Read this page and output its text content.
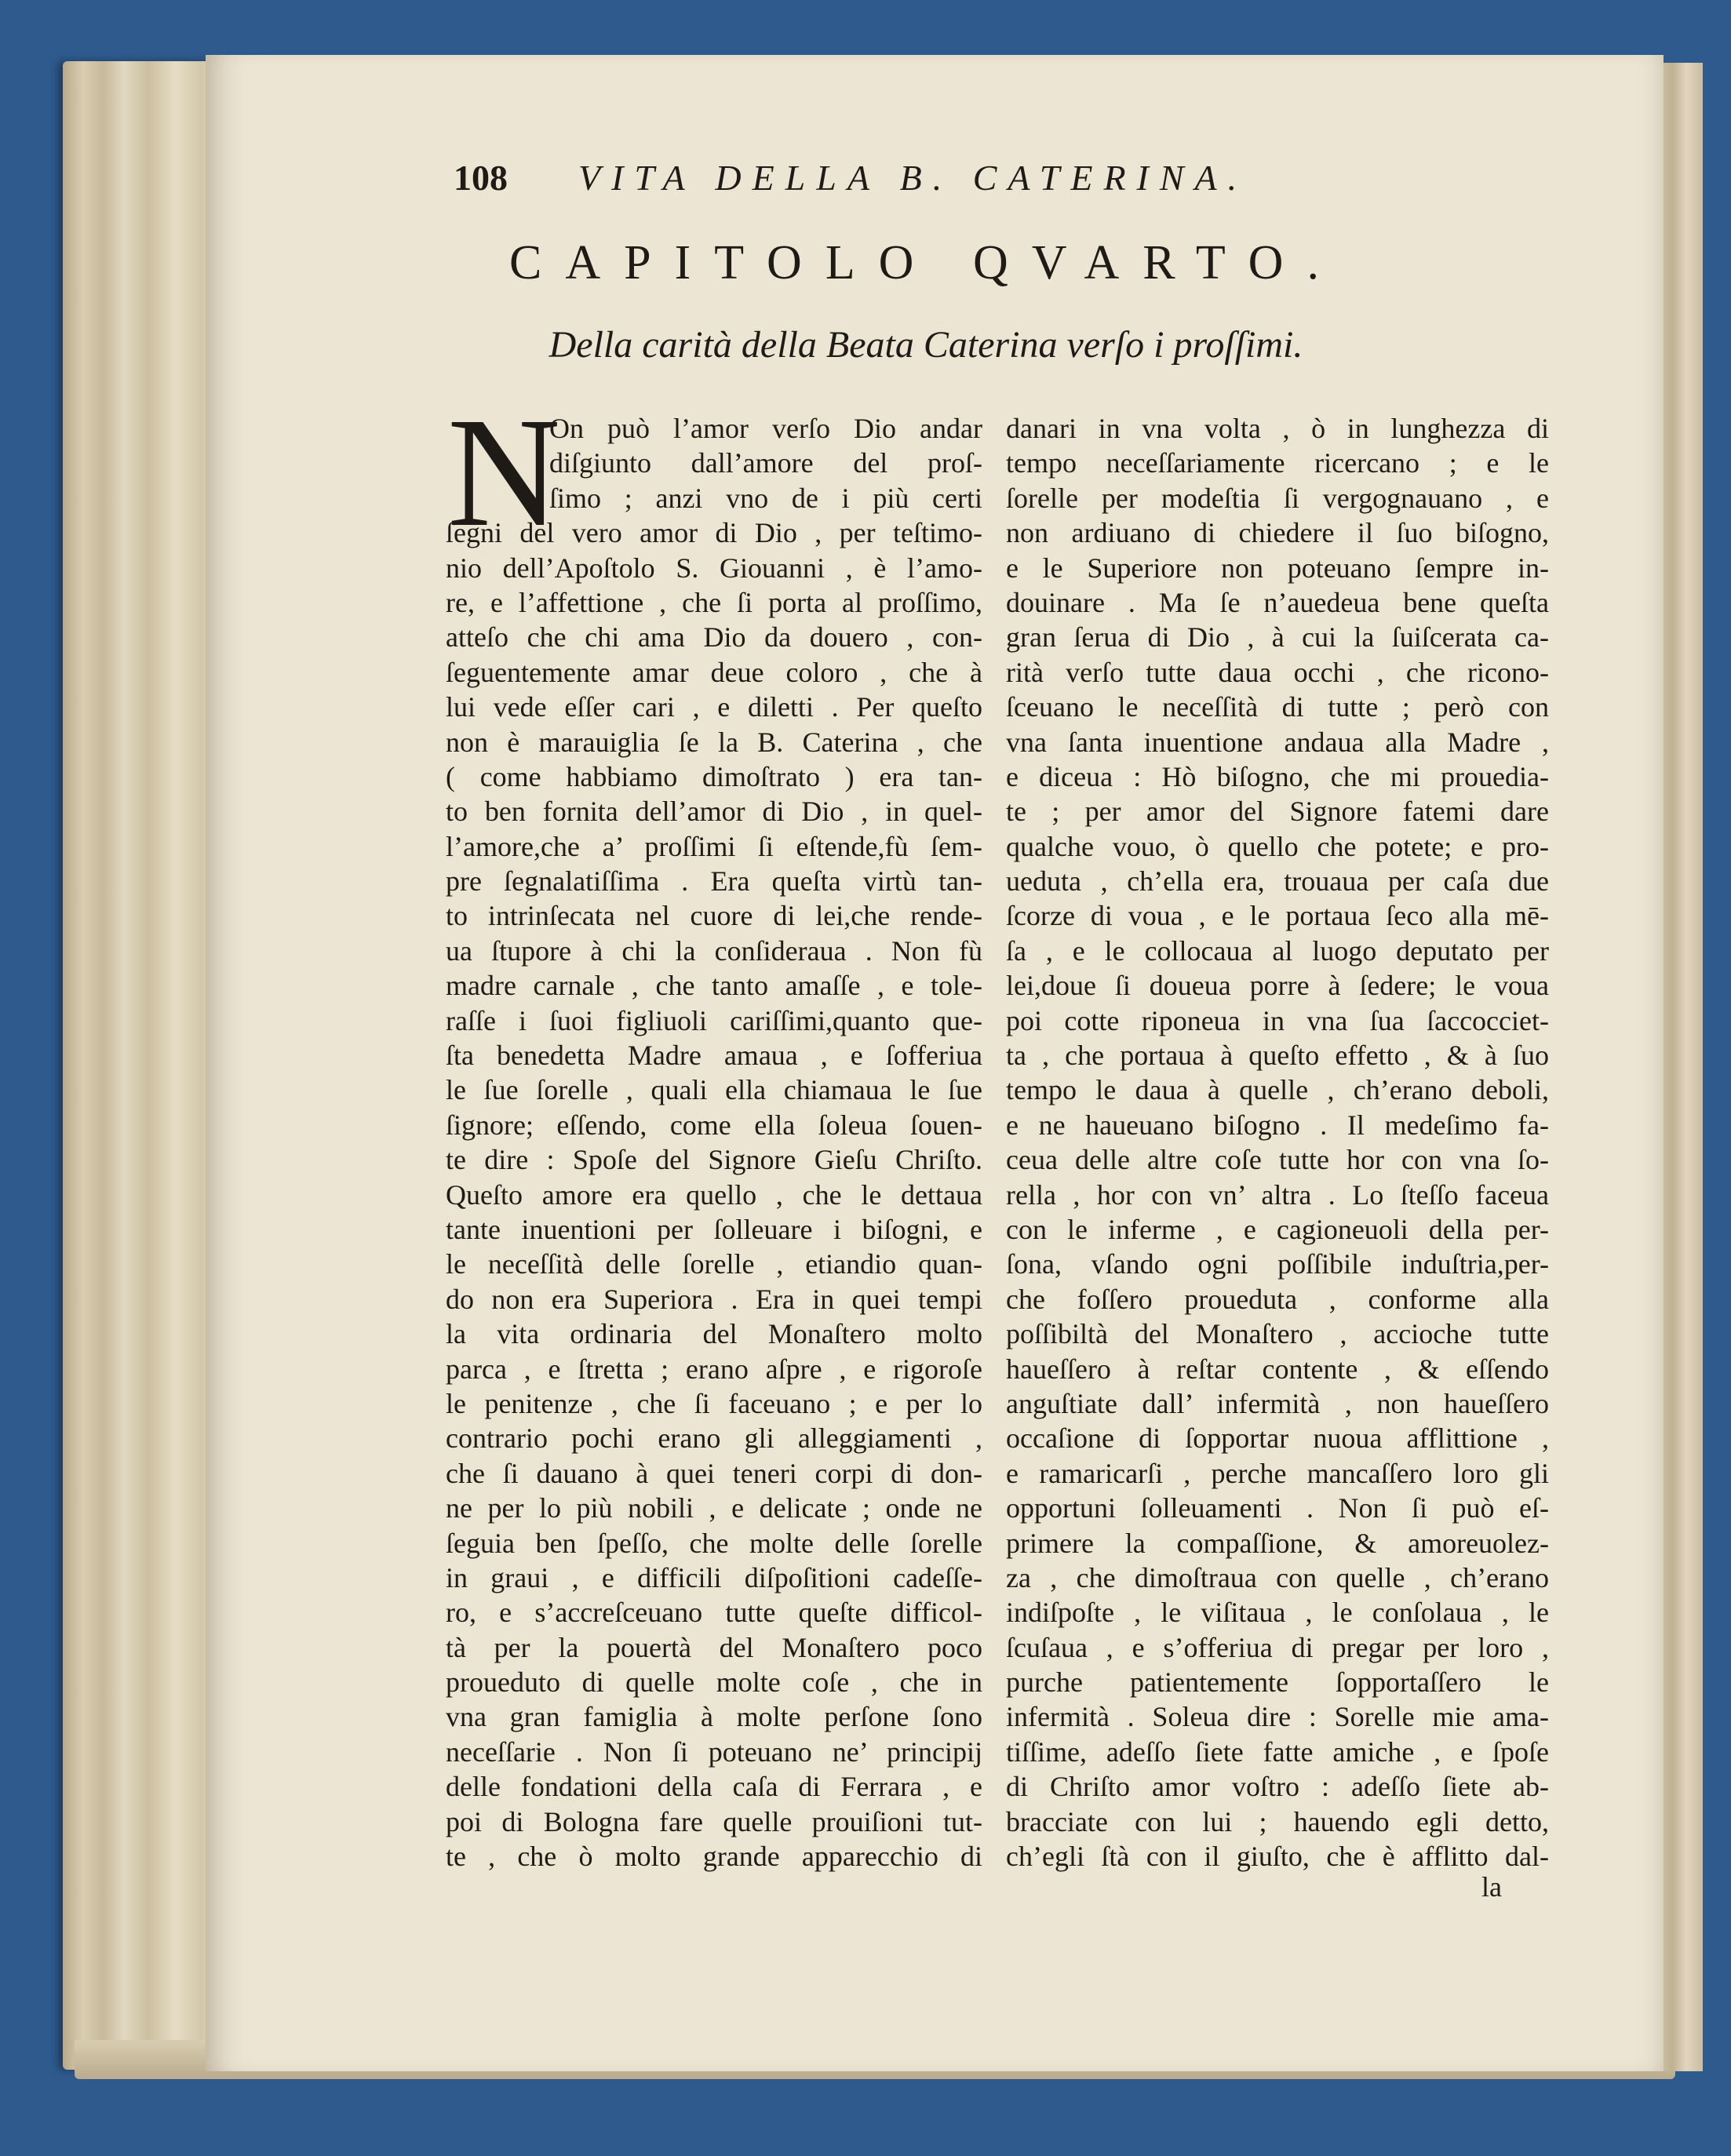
108 VITA DELLA B. CATERINA.
CAPITOLO QVARTO.
Della carità della Beata Caterina verſo i proſſimi.
N
On può l’amor verſo Dio andar
diſgiunto dall’amore del proſ-
ſimo ; anzi vno de i più certi
ſegni del vero amor di Dio , per teſtimo-
nio dell’Apoſtolo S. Giouanni , è l’amo-
re, e l’affettione , che ſi porta al proſſimo,
atteſo che chi ama Dio da douero , con-
ſeguentemente amar deue coloro , che à
lui vede eſſer cari , e diletti . Per queſto
non è marauiglia ſe la B. Caterina , che
( come habbiamo dimoſtrato ) era tan-
to ben fornita dell’amor di Dio , in quel-
l’amore,che a’ proſſimi ſi eſtende,fù ſem-
pre ſegnalatiſſima . Era queſta virtù tan-
to intrinſecata nel cuore di lei,che rende-
ua ſtupore à chi la conſideraua . Non fù
madre carnale , che tanto amaſſe , e tole-
raſſe i ſuoi figliuoli cariſſimi,quanto que-
ſta benedetta Madre amaua , e ſofferiua
le ſue ſorelle , quali ella chiamaua le ſue
ſignore; eſſendo, come ella ſoleua ſouen-
te dire : Spoſe del Signore Gieſu Chriſto.
Queſto amore era quello , che le dettaua
tante inuentioni per ſolleuare i biſogni, e
le neceſſità delle ſorelle , etiandio quan-
do non era Superiora . Era in quei tempi
la vita ordinaria del Monaſtero molto
parca , e ſtretta ; erano aſpre , e rigoroſe
le penitenze , che ſi faceuano ; e per lo
contrario pochi erano gli alleggiamenti ,
che ſi dauano à quei teneri corpi di don-
ne per lo più nobili , e delicate ; onde ne
ſeguia ben ſpeſſo, che molte delle ſorelle
in graui , e difficili diſpoſitioni cadeſſe-
ro, e s’accreſceuano tutte queſte difficol-
tà per la pouertà del Monaſtero poco
proueduto di quelle molte coſe , che in
vna gran famiglia à molte perſone ſono
neceſſarie . Non ſi poteuano ne’ principij
delle fondationi della caſa di Ferrara , e
poi di Bologna fare quelle prouiſioni tut-
te , che ò molto grande apparecchio di
danari in vna volta , ò in lunghezza di
tempo neceſſariamente ricercano ; e le
ſorelle per modeſtia ſi vergognauano , e
non ardiuano di chiedere il ſuo biſogno,
e le Superiore non poteuano ſempre in-
douinare . Ma ſe n’auedeua bene queſta
gran ſerua di Dio , à cui la ſuiſcerata ca-
rità verſo tutte daua occhi , che ricono-
ſceuano le neceſſità di tutte ; però con
vna ſanta inuentione andaua alla Madre ,
e diceua : Hò biſogno, che mi prouedia-
te ; per amor del Signore fatemi dare
qualche vouo, ò quello che potete; e pro-
ueduta , ch’ella era, trouaua per caſa due
ſcorze di voua , e le portaua ſeco alla mē-
ſa , e le collocaua al luogo deputato per
lei,doue ſi doueua porre à ſedere; le voua
poi cotte riponeua in vna ſua ſaccocciet-
ta , che portaua à queſto effetto , & à ſuo
tempo le daua à quelle , ch’erano deboli,
e ne haueuano biſogno . Il medeſimo fa-
ceua delle altre coſe tutte hor con vna ſo-
rella , hor con vn’ altra . Lo ſteſſo faceua
con le inferme , e cagioneuoli della per-
ſona, vſando ogni poſſibile induſtria,per-
che foſſero proueduta , conforme alla
poſſibiltà del Monaſtero , accioche tutte
haueſſero à reſtar contente , & eſſendo
anguſtiate dall’ infermità , non haueſſero
occaſione di ſopportar nuoua afflittione ,
e ramaricarſi , perche mancaſſero loro gli
opportuni ſolleuamenti . Non ſi può eſ-
primere la compaſſione, & amoreuolez-
za , che dimoſtraua con quelle , ch’erano
indiſpoſte , le viſitaua , le conſolaua , le
ſcuſaua , e s’offeriua di pregar per loro ,
purche patientemente ſopportaſſero le
infermità . Soleua dire : Sorelle mie ama-
tiſſime, adeſſo ſiete fatte amiche , e ſpoſe
di Chriſto amor voſtro : adeſſo ſiete ab-
bracciate con lui ; hauendo egli detto,
ch’egli ſtà con il giuſto, che è afflitto dal-
la
